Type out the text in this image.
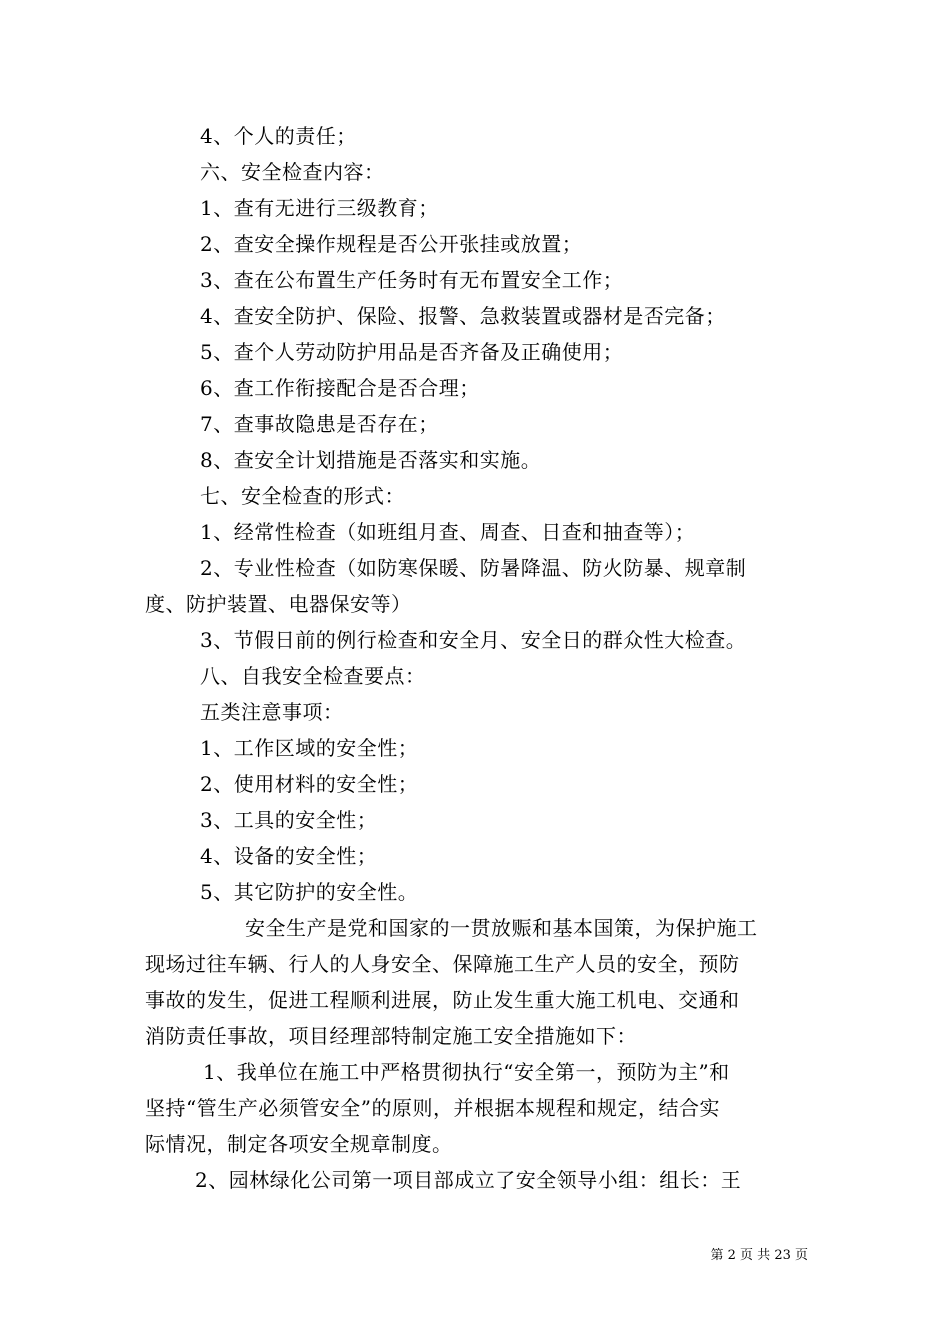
4、个人的责任；
六、安全检查内容：
1、查有无进行三级教育；
2、查安全操作规程是否公开张挂或放置；
3、查在公布置生产任务时有无布置安全工作；
4、查安全防护、保险、报警、急救装置或器材是否完备；
5、查个人劳动防护用品是否齐备及正确使用；
6、查工作衔接配合是否合理；
7、查事故隐患是否存在；
8、查安全计划措施是否落实和实施。
七、安全检查的形式：
1、经常性检查（如班组月查、周查、日查和抽查等）；
2、专业性检查（如防寒保暖、防暑降温、防火防暴、规章制
度、防护装置、电器保安等）
3、节假日前的例行检查和安全月、安全日的群众性大检查。
八、自我安全检查要点：
五类注意事项：
1、工作区域的安全性；
2、使用材料的安全性；
3、工具的安全性；
4、设备的安全性；
5、其它防护的安全性。
安全生产是党和国家的一贯放赈和基本国策，为保护施工
现场过往车辆、行人的人身安全、保障施工生产人员的安全，预防
事故的发生，促进工程顺利进展，防止发生重大施工机电、交通和
消防责任事故，项目经理部特制定施工安全措施如下：
1、我单位在施工中严格贯彻执行“安全第一，预防为主”和
坚持“管生产必须管安全”的原则，并根据本规程和规定，结合实
际情况，制定各项安全规章制度。
2、园林绿化公司第一项目部成立了安全领导小组：组长：王
第 2 页 共 23 页
